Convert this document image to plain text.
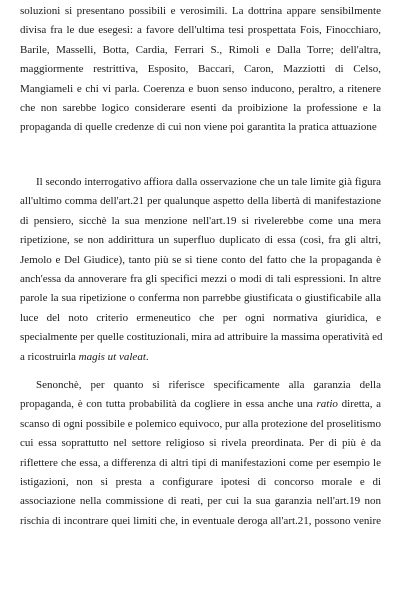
soluzioni si presentano possibili e verosimili. La dottrina appare sensibilmente
divisa fra le due esegesi: a favore dell'ultima tesi prospettata Fois, Finocchiaro,
Barile, Masselli, Botta, Cardia, Ferrari S., Rimoli e Dalla Torre; dell'altra,
maggiormente restrittiva, Esposito, Baccari, Caron, Mazziotti di Celso,
Mangiameli e chi vi parla. Coerenza e buon senso inducono, peraltro, a ritenere
che non sarebbe logico considerare esenti da proibizione la professione e la
propaganda di quelle credenze di cui non viene poi garantita la pratica attuazione
Il secondo interrogativo affiora dalla osservazione che un tale limite già figura
all'ultimo comma dell'art.21 per qualunque aspetto della libertà di manifestazione
di pensiero, sicchè la sua menzione nell'art.19 si rivelerebbe come una mera
ripetizione, se non addirittura un superfluo duplicato di essa (così, fra gli altri,
Jemolo e Del Giudice), tanto più se si tiene conto del fatto che la propaganda è
anch'essa da annoverare fra gli specifici mezzi o modi di tali espressioni. In altre
parole la sua ripetizione o conferma non parrebbe giustificata o giustificabile alla
luce del noto criterio ermeneutico che per ogni normativa giuridica, e
specialmente per quelle costituzionali, mira ad attribuire la massima operatività ed
a ricostruirla magis ut valeat.
Senonchè, per quanto si riferisce specificamente alla garanzia della
propaganda, è con tutta probabilità da cogliere in essa anche una ratio diretta, a
scanso di ogni possibile e polemico equivoco, pur alla protezione del proselitismo
cui essa soprattutto nel settore religioso si rivela preordinata. Per di più è da
riflettere che essa, a differenza di altri tipi di manifestazioni come per esempio le
istigazioni, non si presta a configurare ipotesi di concorso morale e di
associazione nella commissione di reati, per cui la sua garanzia nell'art.19 non
rischia di incontrare quei limiti che, in eventuale deroga all'art.21, possono venire
